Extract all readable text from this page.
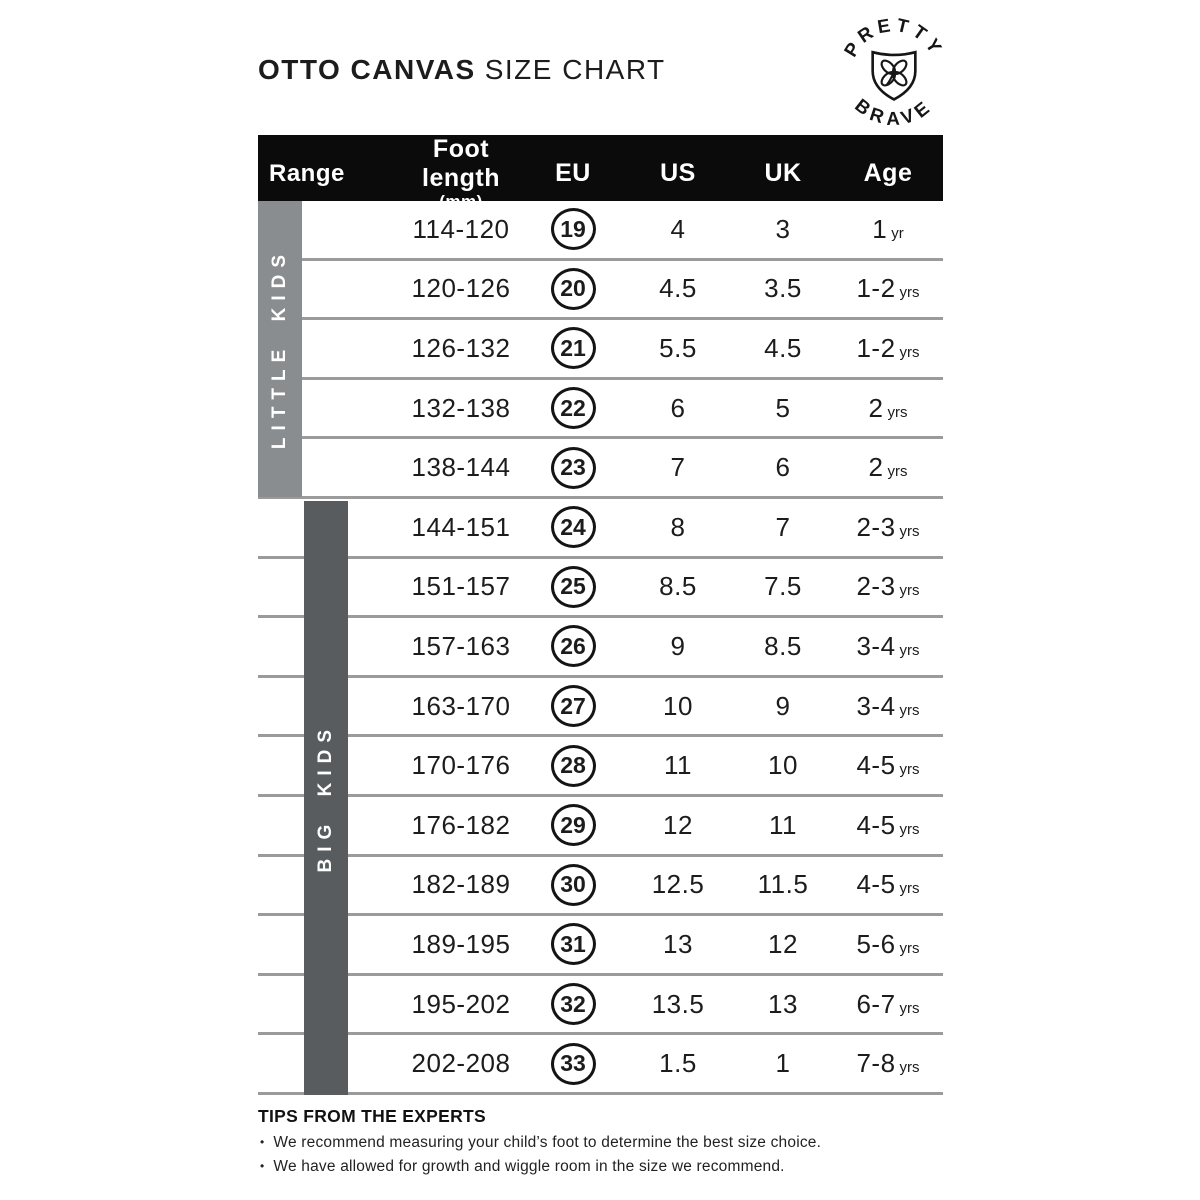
OTTO CANVAS SIZE CHART
PRETTY
BRAVE
Range
Foot length
(mm)
EU	US	UK	Age
114-120	19	4	3	1 yr
120-126	20	4.5	3.5	1-2 yrs
126-132	21	5.5	4.5	1-2 yrs
132-138	22	6	5	2 yrs
138-144	23	7	6	2 yrs
144-151	24	8	7	2-3 yrs
151-157	25	8.5	7.5	2-3 yrs
157-163	26	9	8.5	3-4 yrs
163-170	27	10	9	3-4 yrs
170-176	28	11	10	4-5 yrs
176-182	29	12	11	4-5 yrs
182-189	30	12.5	11.5	4-5 yrs
189-195	31	13	12	5-6 yrs
195-202	32	13.5	13	6-7 yrs
202-208	33	1.5	1	7-8 yrs
LITTLE KIDS
BIG KIDS
TIPS FROM THE EXPERTS
• We recommend measuring your child’s foot to determine the best size choice.
• We have allowed for growth and wiggle room in the size we recommend.
